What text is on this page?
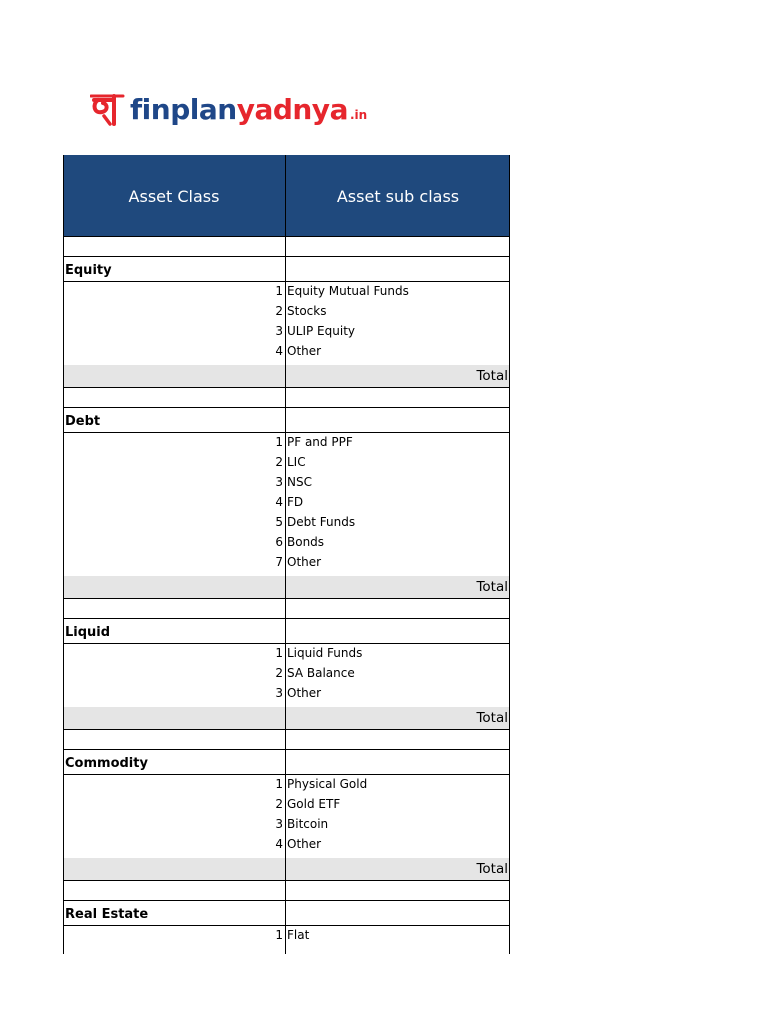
finplanyadnya .in
Asset Class	Asset sub class
Equity
1 Equity Mutual Funds
2 Stocks
3 ULIP Equity
4 Other
Total
Debt
1 PF and PPF
2 LIC
3 NSC
4 FD
5 Debt Funds
6 Bonds
7 Other
Total
Liquid
1 Liquid Funds
2 SA Balance
3 Other
Total
Commodity
1 Physical Gold
2 Gold ETF
3 Bitcoin
4 Other
Total
Real Estate
1 Flat
